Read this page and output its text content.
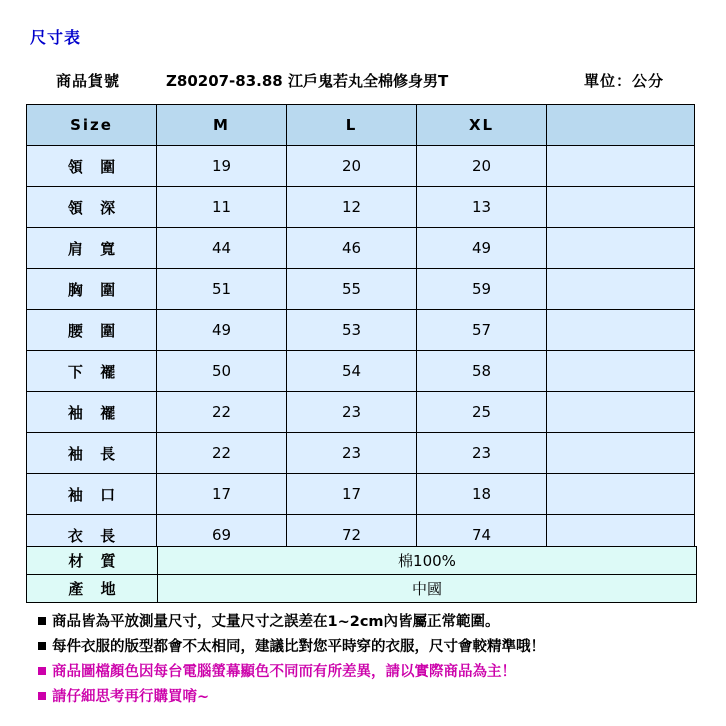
尺寸表
商品貨號	Z80207-83.88 江戶鬼若丸全棉修身男T	單位：公分
Size	M	L	XL	
領 圍	19	20	20	
領 深	11	12	13	
肩 寬	44	46	49	
胸 圍	51	55	59	
腰 圍	49	53	57	
下 襬	50	54	58	
袖 襬	22	23	25	
袖 長	22	23	23	
袖 口	17	17	18	
衣 長	69	72	74	
材 質	棉100%
產 地	中國
商品皆為平放測量尺寸，丈量尺寸之誤差在1~2cm內皆屬正常範圍。
每件衣服的版型都會不太相同，建議比對您平時穿的衣服，尺寸會較精準哦！
商品圖檔顏色因每台電腦螢幕顯色不同而有所差異，請以實際商品為主！
請仔細思考再行購買唷~
